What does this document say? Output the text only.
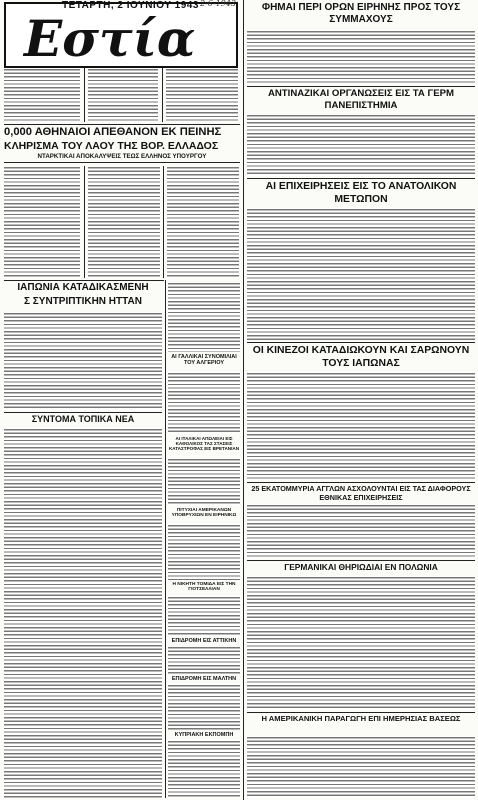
Εστία
ΤΕΤΑΡΤΗ, 2 ΙΟΥΝΙΟΥ 1943 2-6-1943
0,000 ΑΘΗΝΑΙΟΙ ΑΠΕΘΑΝΟΝ ΕΚ ΠΕΙΝΗΣ
ΚΛΗΡΙΣΜΑ ΤΟΥ ΛΑΟΥ ΤΗΣ ΒΟΡ. ΕΛΛΑΔΟΣ
ΝΤΑΡΚΤΙΚΑΙ ΑΠΟΚΑΛΥΨΕΙΣ ΤΕΩΣ ΕΛΛΗΝΟΣ ΥΠΟΥΡΓΟΥ
ΙΑΠΩΝΙΑ ΚΑΤΑΔΙΚΑΣΜΕΝΗ
Σ ΣΥΝΤΡΙΠΤΙΚΗΝ ΗΤΤΑΝ
ΣΥΝΤΟΜΑ ΤΟΠΙΚΑ ΝΕΑ
ΑΙ ΓΑΛΛΙΚΑΙ ΣΥΝΟΜΙΛΙΑΙ ΤΟΥ ΑΛΓΕΡΙΟΥ
ΑΙ ΙΤΑΛΙΚΑΙ ΑΠΩΛΕΙΑΙ ΕΙΣ ΚΑΘΟΛΙΚΟΣ ΤΑΣ ΣΤΑΣΕΙΣ ΚΑΤΑΣΤΡΟΦΑΣ ΕΙΣ ΒΡΕΤΑΝΙΑΝ
ΠΙΤΥΧΙΑΙ ΑΜΕΡΙΚΑΝΩΝ ΥΠΟΒΡΥΧΙΩΝ ΕΝ ΕΙΡΗΝΙΚΩ
Η ΝΙΚΗΤΗ ΤΟΜΙΔΑ ΕΙΣ ΤΗΝ ΓΙΟΤΣΕΛΛΙΑΝ
ΕΠΙΔΡΟΜΗ ΕΙΣ ΑΤΤΙΚΗΝ
ΕΠΙΔΡΟΜΗ ΕΙΣ ΜΑΛΤΗΝ
ΚΥΠΡΙΑΚΗ ΕΚΠΟΜΠΗ
ΦΗΜΑΙ ΠΕΡΙ ΟΡΩΝ ΕΙΡΗΝΗΣ ΠΡΟΣ ΤΟΥΣ ΣΥΜΜΑΧΟΥΣ
ΑΝΤΙΝΑΖΙΚΑΙ ΟΡΓΑΝΩΣΕΙΣ ΕΙΣ ΤΑ ΓΕΡΜ ΠΑΝΕΠΙΣΤΗΜΙΑ
ΑΙ ΕΠΙΧΕΙΡΗΣΕΙΣ ΕΙΣ ΤΟ ΑΝΑΤΟΛΙΚΟΝ ΜΕΤΩΠΟΝ
ΟΙ ΚΙΝΕΖΟΙ ΚΑΤΑΔΙΩΚΟΥΝ ΚΑΙ ΣΑΡΩΝΟΥΝ ΤΟΥΣ ΙΑΠΩΝΑΣ
25 ΕΚΑΤΟΜΜΥΡΙΑ ΑΓΓΛΩΝ ΑΣΧΟΛΟΥΝΤΑΙ ΕΙΣ ΤΑΣ ΔΙΑΦΟΡΟΥΣ ΕΘΝΙΚΑΣ ΕΠΙΧΕΙΡΗΣΕΙΣ
ΓΕΡΜΑΝΙΚΑΙ ΘΗΡΙΩΔΙΑΙ ΕΝ ΠΟΛΩΝΙΑ
Η ΑΜΕΡΙΚΑΝΙΚΗ ΠΑΡΑΓΩΓΗ ΕΠΙ ΗΜΕΡΗΣΙΑΣ ΒΑΣΕΩΣ
